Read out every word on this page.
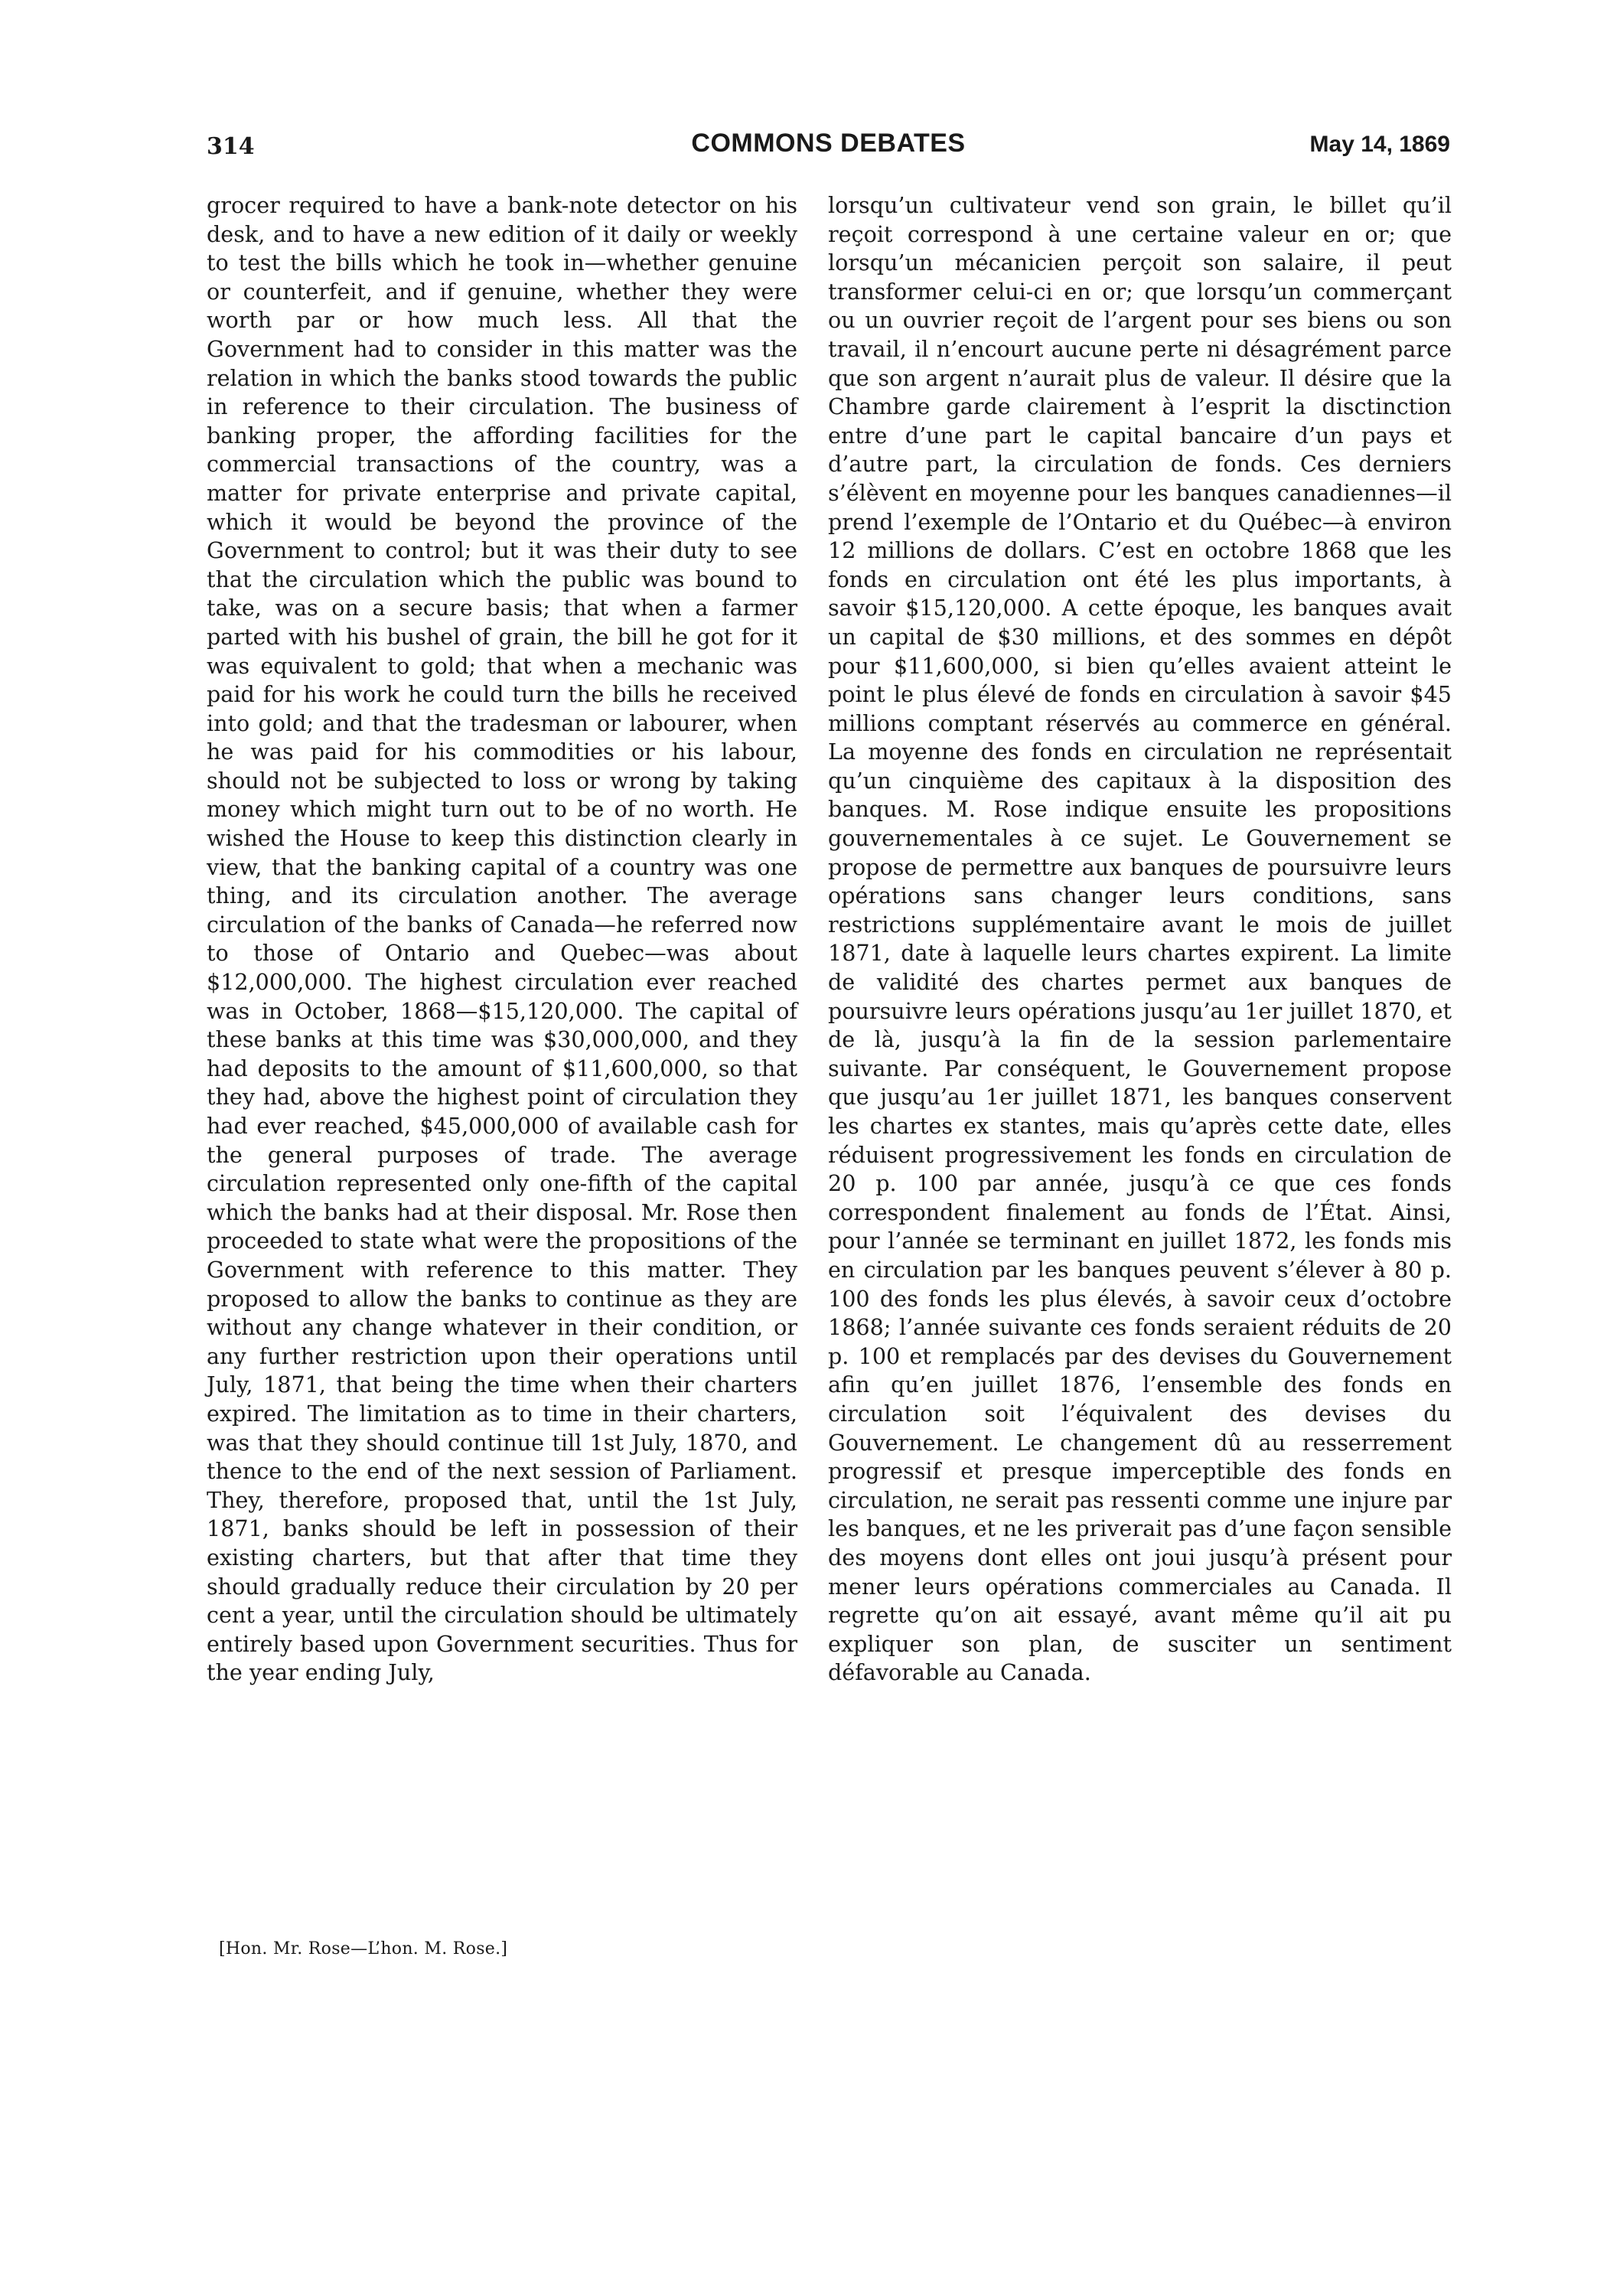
314	COMMONS DEBATES	May 14, 1869

grocer required to have a bank-note detector on his desk, and to have a new edition of it daily or weekly to test the bills which he took in—whether genuine or counterfeit, and if genuine, whether they were worth par or how much less. All that the Government had to consider in this matter was the relation in which the banks stood towards the public in reference to their circulation. The business of banking proper, the affording facilities for the commercial transactions of the country, was a matter for private enterprise and private capital, which it would be beyond the province of the Government to control; but it was their duty to see that the circulation which the public was bound to take, was on a secure basis; that when a farmer parted with his bushel of grain, the bill he got for it was equivalent to gold; that when a mechanic was paid for his work he could turn the bills he received into gold; and that the tradesman or labourer, when he was paid for his commodities or his labour, should not be subjected to loss or wrong by taking money which might turn out to be of no worth. He wished the House to keep this distinction clearly in view, that the banking capital of a country was one thing, and its circulation another. The average circulation of the banks of Canada—he referred now to those of Ontario and Quebec—was about $12,000,000. The highest circulation ever reached was in October, 1868—$15,120,000. The capital of these banks at this time was $30,000,000, and they had deposits to the amount of $11,600,000, so that they had, above the highest point of circulation they had ever reached, $45,000,000 of available cash for the general purposes of trade. The average circulation represented only one-fifth of the capital which the banks had at their disposal. Mr. Rose then proceeded to state what were the propositions of the Government with reference to this matter. They proposed to allow the banks to continue as they are without any change whatever in their condition, or any further restriction upon their operations until July, 1871, that being the time when their charters expired. The limitation as to time in their charters, was that they should continue till 1st July, 1870, and thence to the end of the next session of Parliament. They, therefore, proposed that, until the 1st July, 1871, banks should be left in possession of their existing charters, but that after that time they should gradually reduce their circulation by 20 per cent a year, until the circulation should be ultimately entirely based upon Government securities. Thus for the year ending July,

lorsqu’un cultivateur vend son grain, le billet qu’il reçoit correspond à une certaine valeur en or; que lorsqu’un mécanicien perçoit son salaire, il peut transformer celui-ci en or; que lorsqu’un commerçant ou un ouvrier reçoit de l’argent pour ses biens ou son travail, il n’encourt aucune perte ni désagrément parce que son argent n’aurait plus de valeur. Il désire que la Chambre garde clairement à l’esprit la disctinction entre d’une part le capital bancaire d’un pays et d’autre part, la circulation de fonds. Ces derniers s’élèvent en moyenne pour les banques canadiennes—il prend l’exemple de l’Ontario et du Québec—à environ 12 millions de dollars. C’est en octobre 1868 que les fonds en circulation ont été les plus importants, à savoir $15,120,000. A cette époque, les banques avait un capital de $30 millions, et des sommes en dépôt pour $11,600,000, si bien qu’elles avaient atteint le point le plus élevé de fonds en circulation à savoir $45 millions comptant réservés au commerce en général. La moyenne des fonds en circulation ne représentait qu’un cinquième des capitaux à la disposition des banques. M. Rose indique ensuite les propositions gouvernementales à ce sujet. Le Gouvernement se propose de permettre aux banques de poursuivre leurs opérations sans changer leurs conditions, sans restrictions supplémentaire avant le mois de juillet 1871, date à laquelle leurs chartes expirent. La limite de validité des chartes permet aux banques de poursuivre leurs opérations jusqu’au 1er juillet 1870, et de là, jusqu’à la fin de la session parlementaire suivante. Par conséquent, le Gouvernement propose que jusqu’au 1er juillet 1871, les banques conservent les chartes ex stantes, mais qu’après cette date, elles réduisent progressivement les fonds en circulation de 20 p. 100 par année, jusqu’à ce que ces fonds correspondent finalement au fonds de l’État. Ainsi, pour l’année se terminant en juillet 1872, les fonds mis en circulation par les banques peuvent s’élever à 80 p. 100 des fonds les plus élevés, à savoir ceux d’octobre 1868; l’année suivante ces fonds seraient réduits de 20 p. 100 et remplacés par des devises du Gouvernement afin qu’en juillet 1876, l’ensemble des fonds en circulation soit l’équivalent des devises du Gouvernement. Le changement dû au resserrement progressif et presque imperceptible des fonds en circulation, ne serait pas ressenti comme une injure par les banques, et ne les priverait pas d’une façon sensible des moyens dont elles ont joui jusqu’à présent pour mener leurs opérations commerciales au Canada. Il regrette qu’on ait essayé, avant même qu’il ait pu expliquer son plan, de susciter un sentiment défavorable au Canada.

[Hon. Mr. Rose—L’hon. M. Rose.]
